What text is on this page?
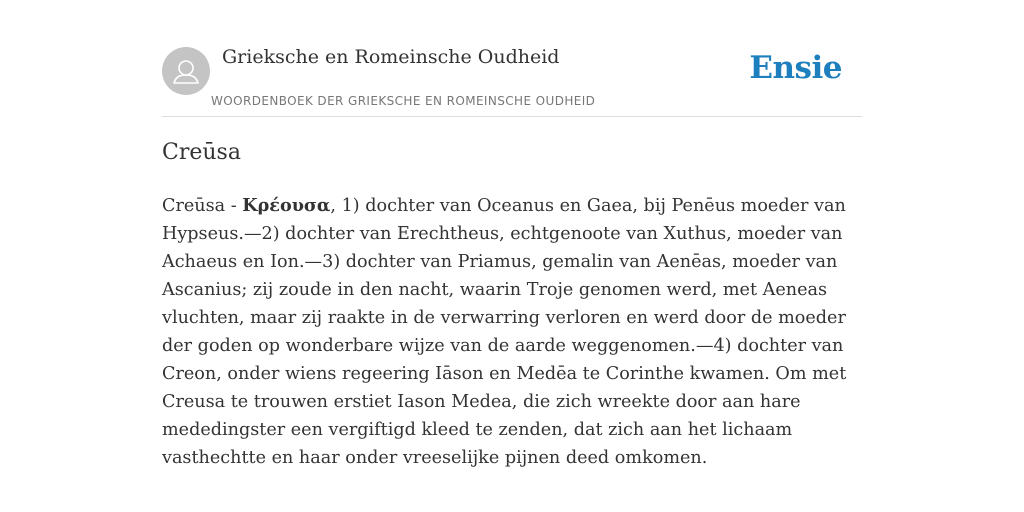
Grieksche en Romeinsche Oudheid
WOORDENBOEK DER GRIEKSCHE EN ROMEINSCHE OUDHEID
Ensie
Creūsa

Creūsa - Κρέουσα, 1) dochter van Oceanus en Gaea, bij Penēus moeder van Hypseus.—2) dochter van Erechtheus, echtgenoote van Xuthus, moeder van Achaeus en Ion.—3) dochter van Priamus, gemalin van Aenēas, moeder van Ascanius; zij zoude in den nacht, waarin Troje genomen werd, met Aeneas vluchten, maar zij raakte in de verwarring verloren en werd door de moeder der goden op wonderbare wijze van de aarde weggenomen.—4) dochter van Creon, onder wiens regeering Iāson en Medēa te Corinthe kwamen. Om met Creusa te trouwen erstiet Iason Medea, die zich wreekte door aan hare mededingster een vergiftigd kleed te zenden, dat zich aan het lichaam vasthechtte en haar onder vreeselijke pijnen deed omkomen.
